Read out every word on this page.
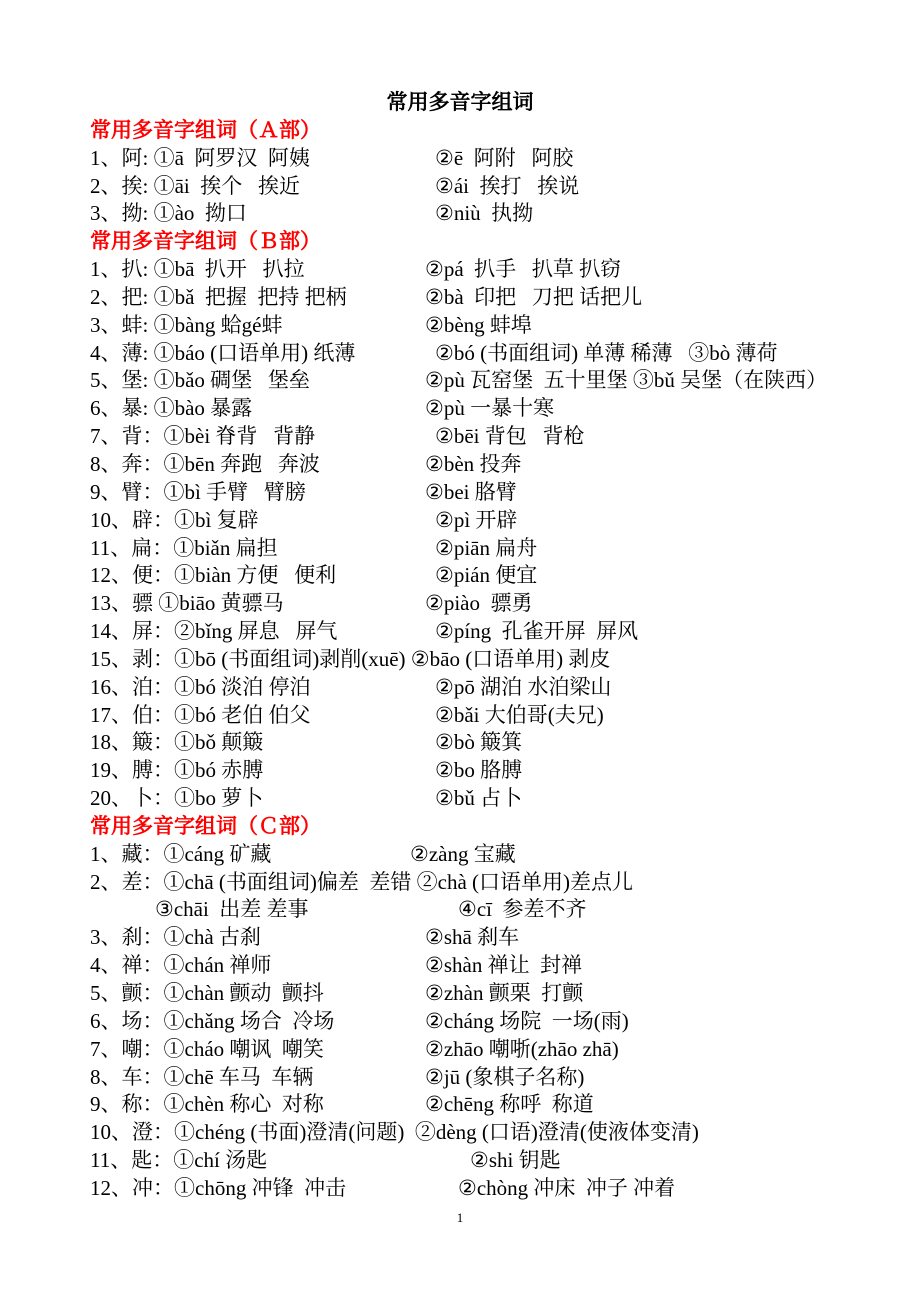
常用多音字组词
常用多音字组词（Ａ部）
1、阿: ①ā  阿罗汉  阿姨	②ē  阿附   阿胶
2、挨: ①āi  挨个   挨近	②ái  挨打   挨说
3、拗: ①ào  拗口	②niù  执拗
常用多音字组词（Ｂ部）
1、扒: ①bā  扒开   扒拉	②pá  扒手   扒草 扒窃
2、把: ①bǎ  把握  把持 把柄	②bà  印把   刀把 话把儿
3、蚌: ①bàng 蛤gé蚌	②bèng 蚌埠
4、薄: ①báo (口语单用) 纸薄	②bó (书面组词) 单薄 稀薄   ③bò 薄荷
5、堡: ①bǎo 碉堡   堡垒	②pù 瓦窑堡  五十里堡 ③bǔ 吴堡（在陕西）
6、暴: ①bào 暴露	②pù 一暴十寒
7、背：①bèi 脊背   背静	②bēi 背包   背枪
8、奔：①bēn 奔跑   奔波	②bèn 投奔
9、臂：①bì 手臂   臂膀	②bei 胳臂
10、辟：①bì 复辟	②pì 开辟
11、扁：①biǎn 扁担	②piān 扁舟
12、便：①biàn 方便   便利	②pián 便宜
13、骠 ①biāo 黄骠马	②piào  骠勇
14、屏：②bǐng 屏息   屏气	②píng  孔雀开屏  屏风
15、剥：①bō (书面组词)剥削(xuē) ②bāo (口语单用) 剥皮
16、泊：①bó 淡泊 停泊	②pō 湖泊 水泊梁山
17、伯：①bó 老伯 伯父	②bǎi 大伯哥(夫兄)
18、簸：①bǒ 颠簸	②bò 簸箕
19、膊：①bó 赤膊	②bo 胳膊
20、卜：①bo 萝卜	②bǔ 占卜
常用多音字组词（Ｃ部）
1、藏：①cáng 矿藏	②zàng 宝藏
2、差：①chā (书面组词)偏差  差错 ②chà (口语单用)差点儿
③chāi  出差 差事	④cī  参差不齐
3、刹：①chà 古刹	②shā 刹车
4、禅：①chán 禅师	②shàn 禅让  封禅
5、颤：①chàn 颤动  颤抖	②zhàn 颤栗  打颤
6、场：①chǎng 场合  冷场	②cháng 场院  一场(雨)
7、嘲：①cháo 嘲讽  嘲笑	②zhāo 嘲哳(zhāo zhā)
8、车：①chē 车马  车辆	②jū (象棋子名称)
9、称：①chèn 称心  对称	②chēng 称呼  称道
10、澄：①chéng (书面)澄清(问题)  ②dèng (口语)澄清(使液体变清)
11、匙：①chí 汤匙	②shi 钥匙
12、冲：①chōng 冲锋  冲击	②chòng 冲床  冲子 冲着
1
